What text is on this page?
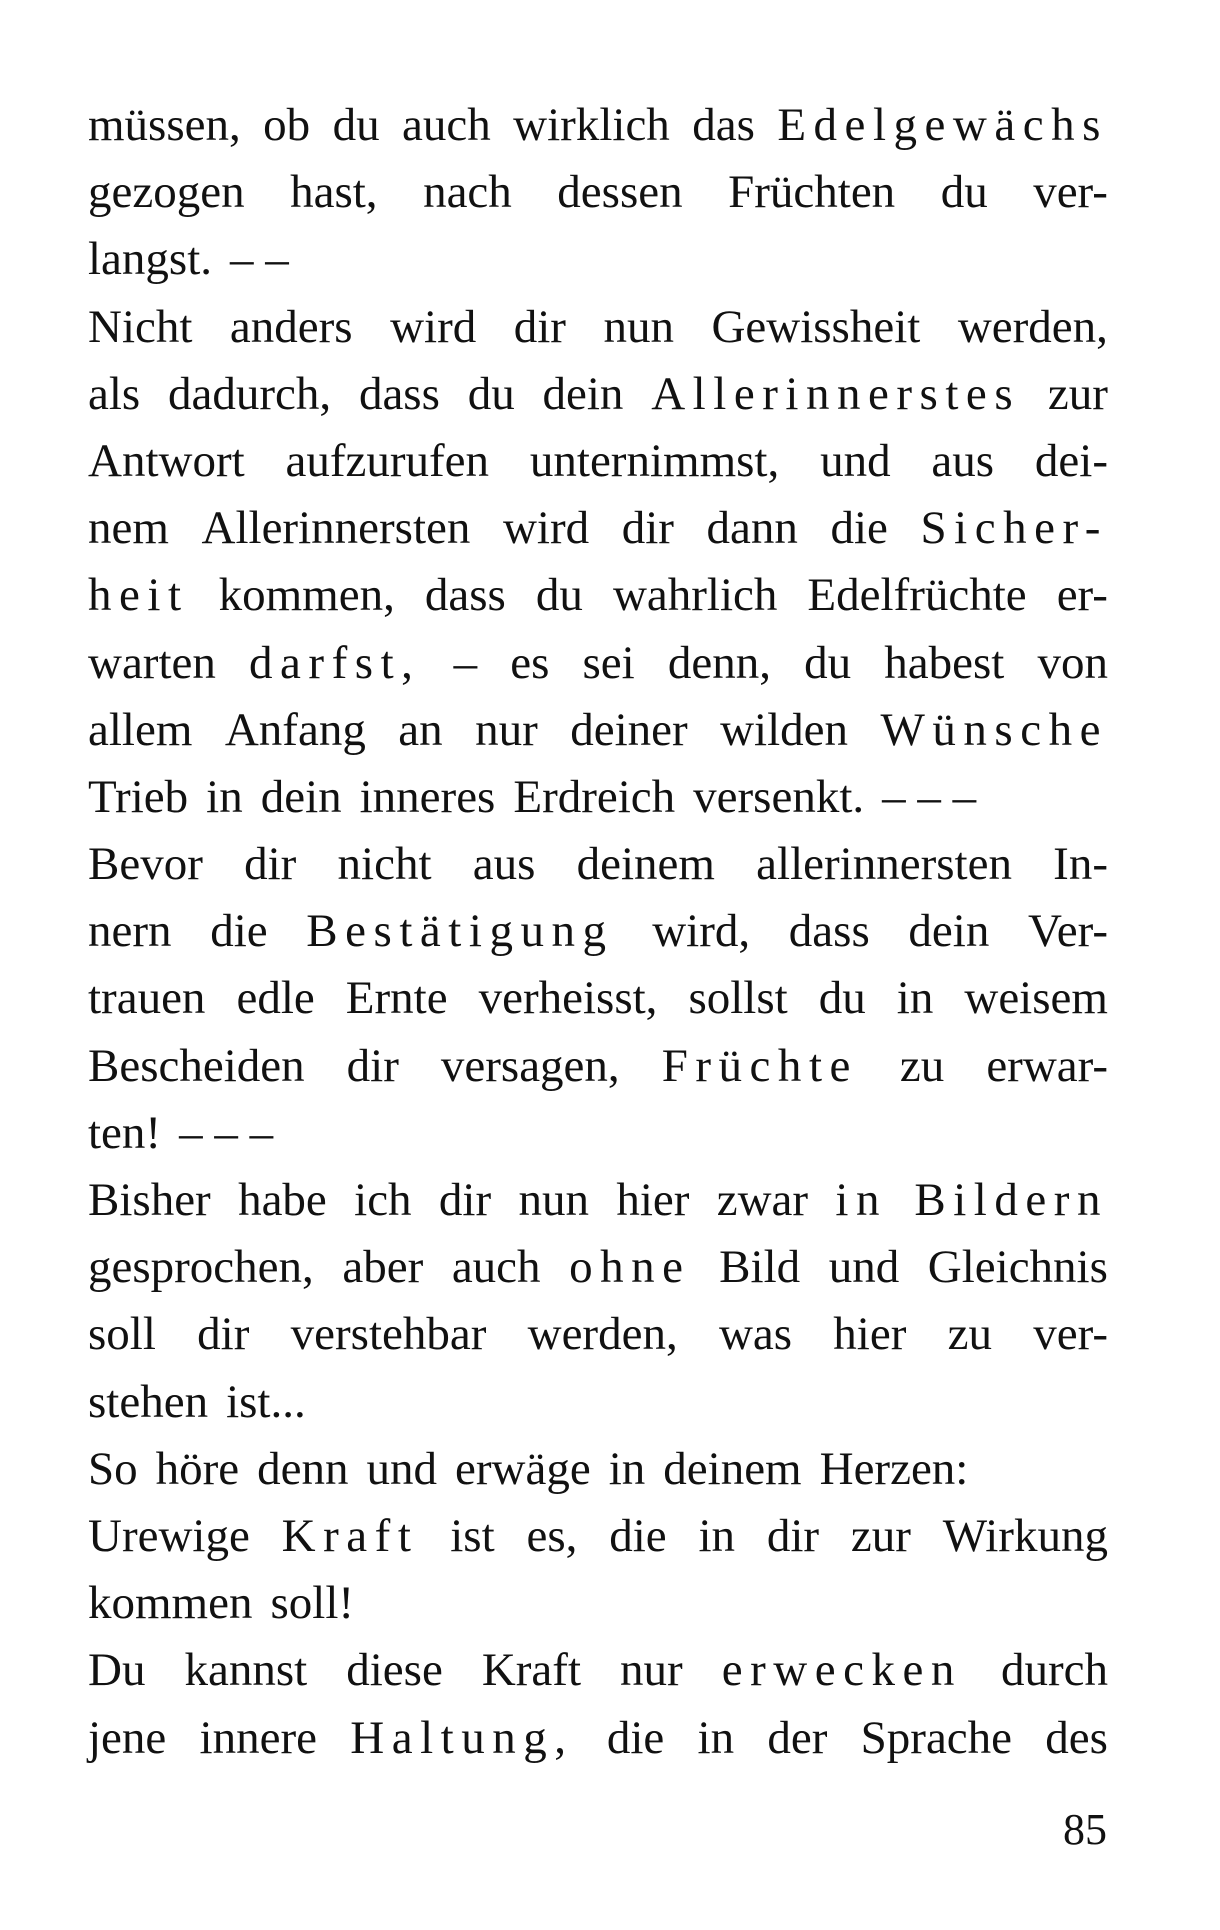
müssen, ob du auch wirklich das Edelgewächs
gezogen hast, nach dessen Früchten du ver-
langst. – –
Nicht anders wird dir nun Gewissheit werden,
als dadurch, dass du dein Allerinnerstes zur
Antwort aufzurufen unternimmst, und aus dei-
nem Allerinnersten wird dir dann die Sicher-
heit kommen, dass du wahrlich Edelfrüchte er-
warten darfst, – es sei denn, du habest von
allem Anfang an nur deiner wilden Wünsche
Trieb in dein inneres Erdreich versenkt. – – –
Bevor dir nicht aus deinem allerinnersten In-
nern die Bestätigung wird, dass dein Ver-
trauen edle Ernte verheisst, sollst du in weisem
Bescheiden dir versagen, Früchte zu erwar-
ten! – – –
Bisher habe ich dir nun hier zwar in Bildern
gesprochen, aber auch ohne Bild und Gleichnis
soll dir verstehbar werden, was hier zu ver-
stehen ist...
So höre denn und erwäge in deinem Herzen:
Urewige Kraft ist es, die in dir zur Wirkung
kommen soll!
Du kannst diese Kraft nur erwecken durch
jene innere Haltung, die in der Sprache des
85
